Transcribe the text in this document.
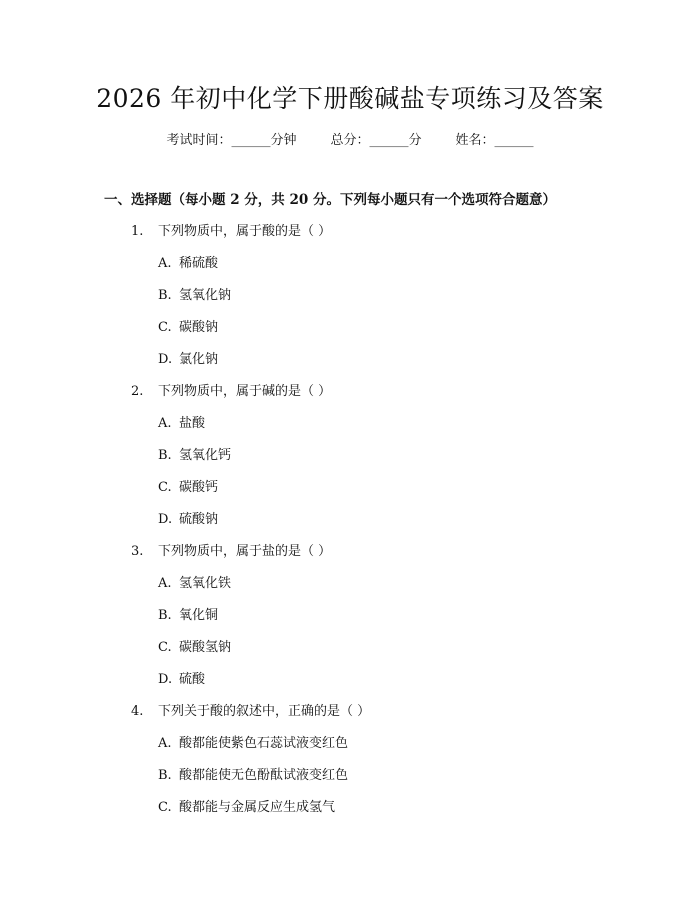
2026 年初中化学下册酸碱盐专项练习及答案
考试时间：______分钟	总分：______分	姓名：______
一、选择题（每小题 2 分，共 20 分。下列每小题只有一个选项符合题意）
1. 下列物质中，属于酸的是（ ）
A. 稀硫酸
B. 氢氧化钠
C. 碳酸钠
D. 氯化钠
2. 下列物质中，属于碱的是（ ）
A. 盐酸
B. 氢氧化钙
C. 碳酸钙
D. 硫酸钠
3. 下列物质中，属于盐的是（ ）
A. 氢氧化铁
B. 氧化铜
C. 碳酸氢钠
D. 硫酸
4. 下列关于酸的叙述中，正确的是（ ）
A. 酸都能使紫色石蕊试液变红色
B. 酸都能使无色酚酞试液变红色
C. 酸都能与金属反应生成氢气
